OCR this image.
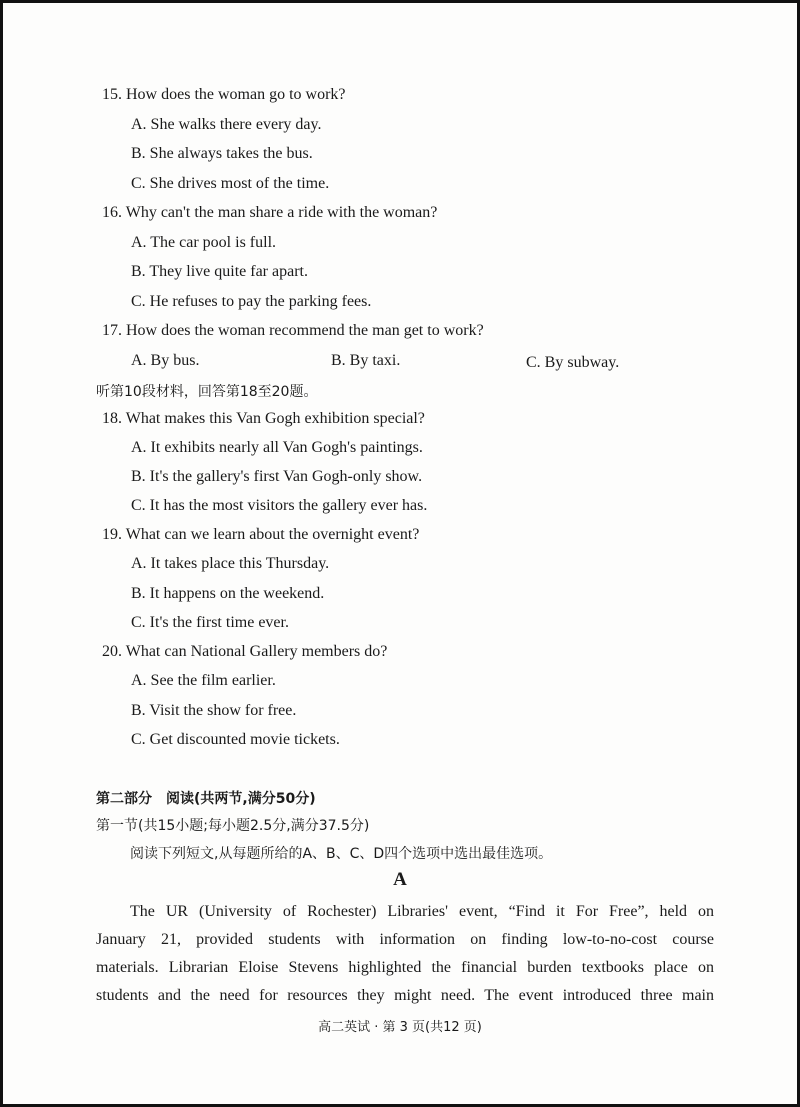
15. How does the woman go to work?
A. She walks there every day.
B. She always takes the bus.
C. She drives most of the time.
16. Why can't the man share a ride with the woman?
A. The car pool is full.
B. They live quite far apart.
C. He refuses to pay the parking fees.
17. How does the woman recommend the man get to work?
A. By bus.	B. By taxi.	C. By subway.
听第10段材料，回答第18至20题。
18. What makes this Van Gogh exhibition special?
A. It exhibits nearly all Van Gogh's paintings.
B. It's the gallery's first Van Gogh-only show.
C. It has the most visitors the gallery ever has.
19. What can we learn about the overnight event?
A. It takes place this Thursday.
B. It happens on the weekend.
C. It's the first time ever.
20. What can National Gallery members do?
A. See the film earlier.
B. Visit the show for free.
C. Get discounted movie tickets.
第二部分　阅读(共两节,满分50分)
第一节(共15小题;每小题2.5分,满分37.5分)
阅读下列短文,从每题所给的A、B、C、D四个选项中选出最佳选项。
A
The UR (University of Rochester) Libraries' event, “Find it For Free”, held on
January 21, provided students with information on finding low-to-no-cost course
materials. Librarian Eloise Stevens highlighted the financial burden textbooks place on
students and the need for resources they might need. The event introduced three main
高二英试 · 第 3 页(共12 页)
